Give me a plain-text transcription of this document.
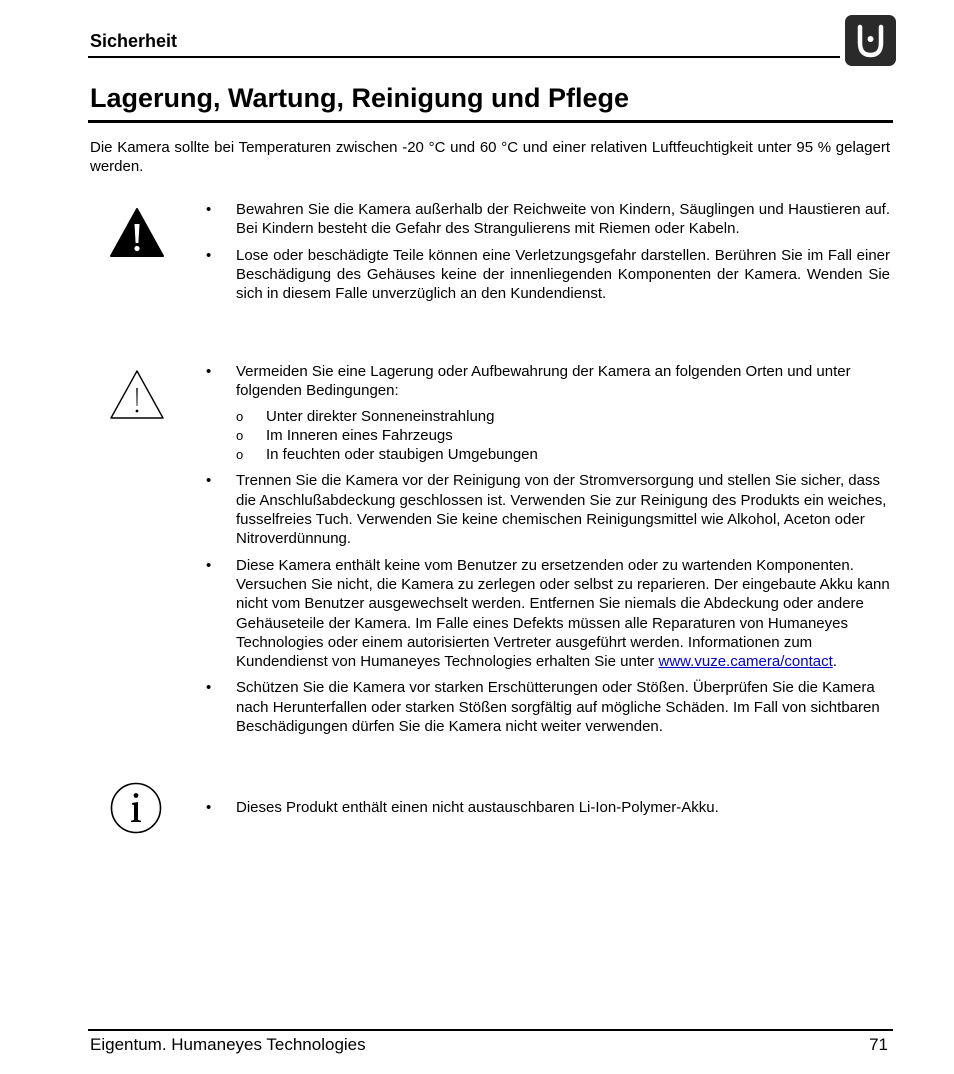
Sicherheit
Lagerung, Wartung, Reinigung und Pflege

Die Kamera sollte bei Temperaturen zwischen -20 °C und 60 °C und einer relativen Luftfeuchtigkeit unter 95 % gelagert werden.

• Bewahren Sie die Kamera außerhalb der Reichweite von Kindern, Säuglingen und Haustieren auf. Bei Kindern besteht die Gefahr des Strangulierens mit Riemen oder Kabeln.
• Lose oder beschädigte Teile können eine Verletzungsgefahr darstellen. Berühren Sie im Fall einer Beschädigung des Gehäuses keine der innenliegenden Komponenten der Kamera. Wenden Sie sich in diesem Falle unverzüglich an den Kundendienst.
• Vermeiden Sie eine Lagerung oder Aufbewahrung der Kamera an folgenden Orten und unter folgenden Bedingungen:
o Unter direkter Sonneneinstrahlung
o Im Inneren eines Fahrzeugs
o In feuchten oder staubigen Umgebungen
• Trennen Sie die Kamera vor der Reinigung von der Stromversorgung und stellen Sie sicher, dass die Anschlußabdeckung geschlossen ist. Verwenden Sie zur Reinigung des Produkts ein weiches, fusselfreies Tuch. Verwenden Sie keine chemischen Reinigungsmittel wie Alkohol, Aceton oder Nitroverdünnung.
• Diese Kamera enthält keine vom Benutzer zu ersetzenden oder zu wartenden Komponenten. Versuchen Sie nicht, die Kamera zu zerlegen oder selbst zu reparieren. Der eingebaute Akku kann nicht vom Benutzer ausgewechselt werden. Entfernen Sie niemals die Abdeckung oder andere Gehäuseteile der Kamera. Im Falle eines Defekts müssen alle Reparaturen von Humaneyes Technologies oder einem autorisierten Vertreter ausgeführt werden. Informationen zum Kundendienst von Humaneyes Technologies erhalten Sie unter www.vuze.camera/contact.
• Schützen Sie die Kamera vor starken Erschütterungen oder Stößen. Überprüfen Sie die Kamera nach Herunterfallen oder starken Stößen sorgfältig auf mögliche Schäden. Im Fall von sichtbaren Beschädigungen dürfen Sie die Kamera nicht weiter verwenden.
• Dieses Produkt enthält einen nicht austauschbaren Li-Ion-Polymer-Akku.
Eigentum. Humaneyes Technologies	71
